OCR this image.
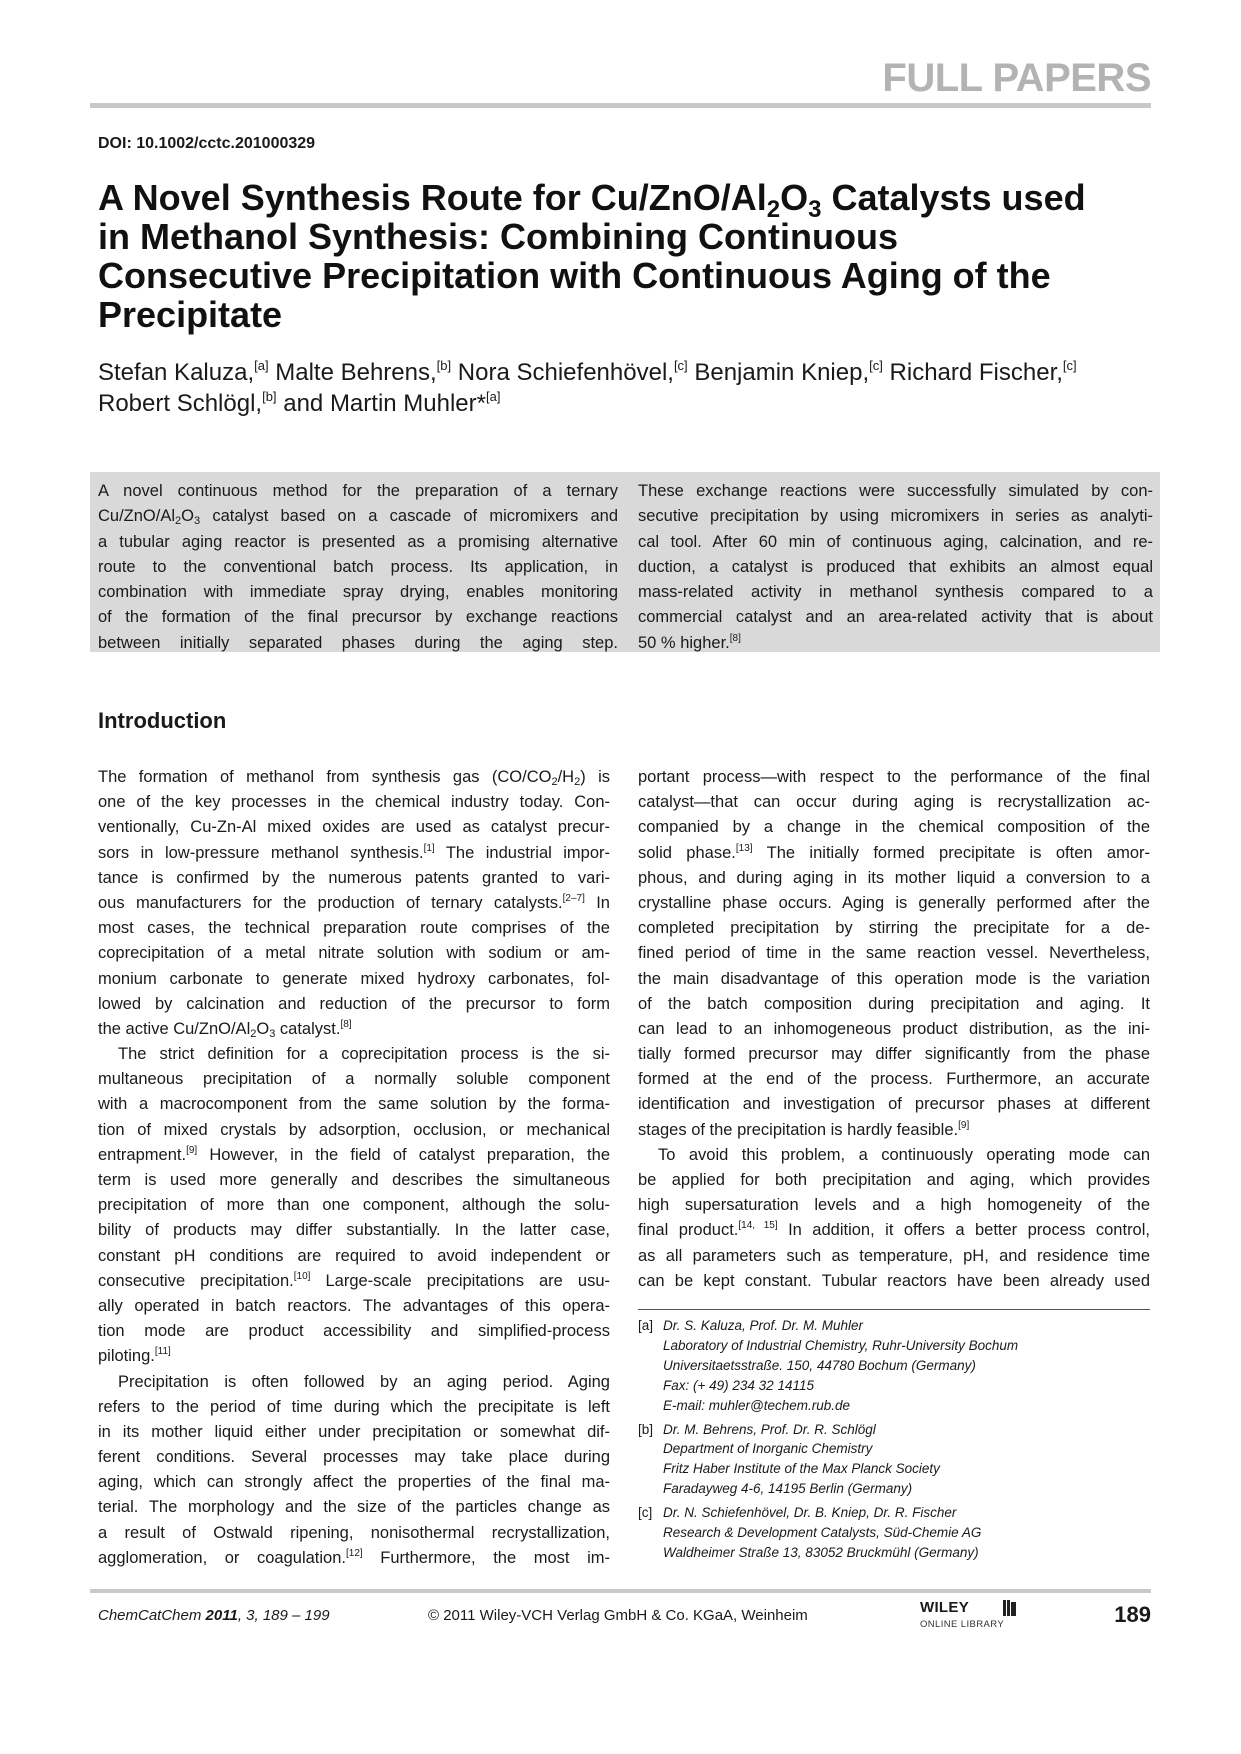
FULL PAPERS
DOI: 10.1002/cctc.201000329
A Novel Synthesis Route for $Cu/ZnO/Al_2O_3$ Catalysts used
in Methanol Synthesis: Combining Continuous
Consecutive Precipitation with Continuous Aging of the
Precipitate
Stefan Kaluza,[a] Malte Behrens,[b] Nora Schiefenhövel,[c] Benjamin Kniep,[c] Richard Fischer,[c]
Robert Schlögl,[b] and Martin Muhler*[a]
A novel continuous method for the preparation of a ternary
$Cu/ZnO/Al_2O_3$ catalyst based on a cascade of micromixers and
a tubular aging reactor is presented as a promising alternative
route to the conventional batch process. Its application, in
combination with immediate spray drying, enables monitoring
of the formation of the final precursor by exchange reactions
between initially separated phases during the aging step.
These exchange reactions were successfully simulated by con-
secutive precipitation by using micromixers in series as analyti-
cal tool. After 60 min of continuous aging, calcination, and re-
duction, a catalyst is produced that exhibits an almost equal
mass-related activity in methanol synthesis compared to a
commercial catalyst and an area-related activity that is about
50 % higher.[8]
Introduction
The formation of methanol from synthesis gas $(CO/CO_2/H_2)$ is
one of the key processes in the chemical industry today. Con-
ventionally, Cu-Zn-Al mixed oxides are used as catalyst precur-
sors in low-pressure methanol synthesis.[1] The industrial impor-
tance is confirmed by the numerous patents granted to vari-
ous manufacturers for the production of ternary catalysts.[2–7] In
most cases, the technical preparation route comprises of the
coprecipitation of a metal nitrate solution with sodium or am-
monium carbonate to generate mixed hydroxy carbonates, fol-
lowed by calcination and reduction of the precursor to form
the active $Cu/ZnO/Al_2O_3$ catalyst.[8]
The strict definition for a coprecipitation process is the si-
multaneous precipitation of a normally soluble component
with a macrocomponent from the same solution by the forma-
tion of mixed crystals by adsorption, occlusion, or mechanical
entrapment.[9] However, in the field of catalyst preparation, the
term is used more generally and describes the simultaneous
precipitation of more than one component, although the solu-
bility of products may differ substantially. In the latter case,
constant pH conditions are required to avoid independent or
consecutive precipitation.[10] Large-scale precipitations are usu-
ally operated in batch reactors. The advantages of this opera-
tion mode are product accessibility and simplified-process
piloting.[11]
Precipitation is often followed by an aging period. Aging
refers to the period of time during which the precipitate is left
in its mother liquid either under precipitation or somewhat dif-
ferent conditions. Several processes may take place during
aging, which can strongly affect the properties of the final ma-
terial. The morphology and the size of the particles change as
a result of Ostwald ripening, nonisothermal recrystallization,
agglomeration, or coagulation.[12] Furthermore, the most im-
portant process—with respect to the performance of the final
catalyst—that can occur during aging is recrystallization ac-
companied by a change in the chemical composition of the
solid phase.[13] The initially formed precipitate is often amor-
phous, and during aging in its mother liquid a conversion to a
crystalline phase occurs. Aging is generally performed after the
completed precipitation by stirring the precipitate for a de-
fined period of time in the same reaction vessel. Nevertheless,
the main disadvantage of this operation mode is the variation
of the batch composition during precipitation and aging. It
can lead to an inhomogeneous product distribution, as the ini-
tially formed precursor may differ significantly from the phase
formed at the end of the process. Furthermore, an accurate
identification and investigation of precursor phases at different
stages of the precipitation is hardly feasible.[9]
To avoid this problem, a continuously operating mode can
be applied for both precipitation and aging, which provides
high supersaturation levels and a high homogeneity of the
final product.[14, 15] In addition, it offers a better process control,
as all parameters such as temperature, pH, and residence time
can be kept constant. Tubular reactors have been already used
[a] Dr. S. Kaluza, Prof. Dr. M. Muhler
Laboratory of Industrial Chemistry, Ruhr-University Bochum
Universitaetsstraße. 150, 44780 Bochum (Germany)
Fax: (+ 49) 234 32 14115
E-mail: muhler@techem.rub.de
[b] Dr. M. Behrens, Prof. Dr. R. Schlögl
Department of Inorganic Chemistry
Fritz Haber Institute of the Max Planck Society
Faradayweg 4-6, 14195 Berlin (Germany)
[c] Dr. N. Schiefenhövel, Dr. B. Kniep, Dr. R. Fischer
Research & Development Catalysts, Süd-Chemie AG
Waldheimer Straße 13, 83052 Bruckmühl (Germany)
ChemCatChem 2011, 3, 189 – 199	© 2011 Wiley-VCH Verlag GmbH & Co. KGaA, Weinheim	WILEY
ONLINE LIBRARY	189
